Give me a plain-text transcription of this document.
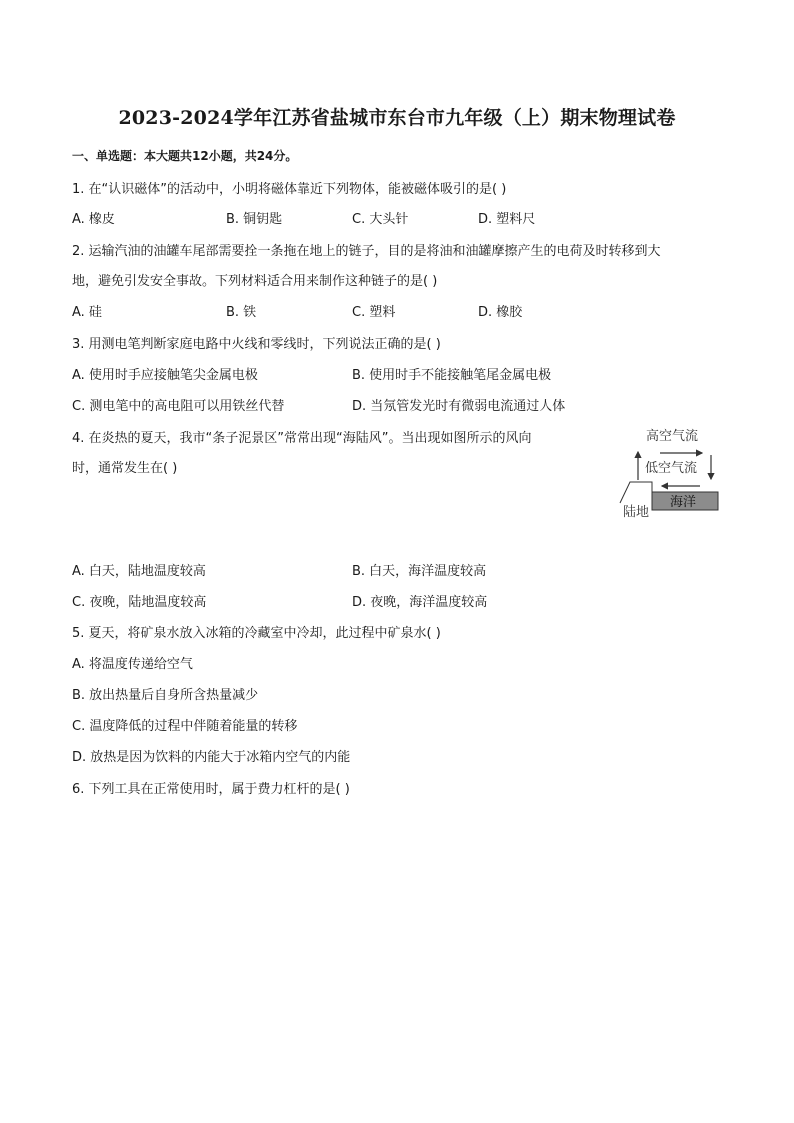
2023-2024学年江苏省盐城市东台市九年级（上）期末物理试卷
一、单选题：本大题共12小题，共24分。
1. 在“认识磁体”的活动中，小明将磁体靠近下列物体，能被磁体吸引的是( )
A. 橡皮	B. 铜钥匙	C. 大头针	D. 塑料尺
2. 运输汽油的油罐车尾部需要拴一条拖在地上的链子，目的是将油和油罐摩擦产生的电荷及时转移到大
地，避免引发安全事故。下列材料适合用来制作这种链子的是( )
A. 硅	B. 铁	C. 塑料	D. 橡胶
3. 用测电笔判断家庭电路中火线和零线时，下列说法正确的是( )
A. 使用时手应接触笔尖金属电极	B. 使用时手不能接触笔尾金属电极
C. 测电笔中的高电阻可以用铁丝代替	D. 当氖管发光时有微弱电流通过人体
4. 在炎热的夏天，我市“条子泥景区”常常出现“海陆风”。当出现如图所示的风向
时，通常发生在( )
高空气流
低空气流
海洋
陆地
A. 白天，陆地温度较高	B. 白天，海洋温度较高
C. 夜晚，陆地温度较高	D. 夜晚，海洋温度较高
5. 夏天，将矿泉水放入冰箱的冷藏室中冷却，此过程中矿泉水( )
A. 将温度传递给空气
B. 放出热量后自身所含热量减少
C. 温度降低的过程中伴随着能量的转移
D. 放热是因为饮料的内能大于冰箱内空气的内能
6. 下列工具在正常使用时，属于费力杠杆的是( )
